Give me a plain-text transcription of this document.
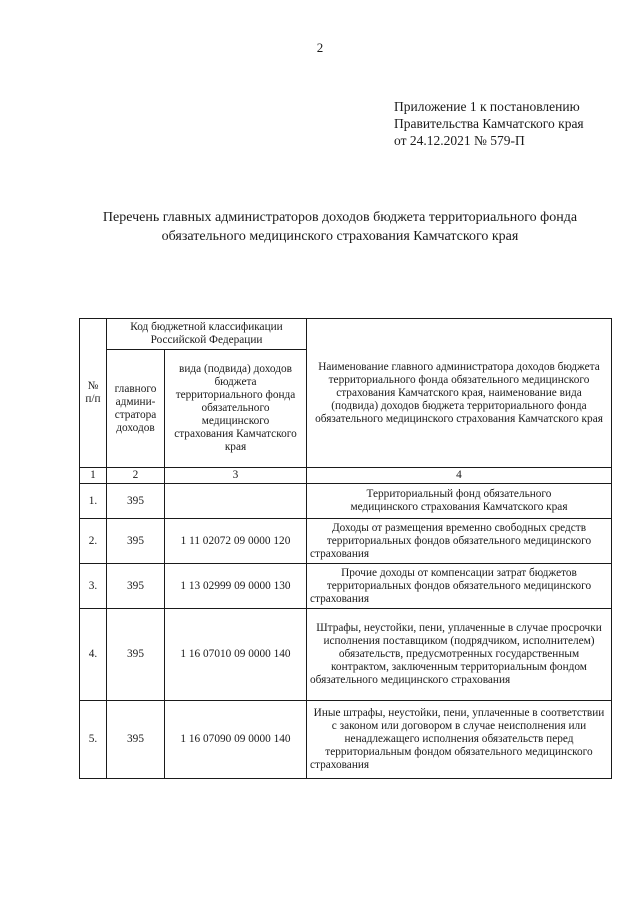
2
Приложение 1 к постановлению
Правительства Камчатского края
от 24.12.2021 № 579-П
Перечень главных администраторов доходов бюджета территориального фонда
обязательного медицинского страхования Камчатского края
№ п/п	Код бюджетной классификации Российской Федерации		Наименование главного администратора доходов бюджета территориального фонда обязательного медицинского страхования Камчатского края, наименование вида (подвида) доходов бюджета территориального фонда обязательного медицинского страхования Камчатского края
	главного админи-стратора доходов	вида (подвида) доходов бюджета территориального фонда обязательного медицинского страхования Камчатского края	
1	2	3	4
1.	395		Территориальный фонд обязательного медицинского страхования Камчатского края
2.	395	1 11 02072 09 0000 120	Доходы от размещения временно свободных средств территориальных фондов обязательного медицинского страхования
3.	395	1 13 02999 09 0000 130	Прочие доходы от компенсации затрат бюджетов территориальных фондов обязательного медицинского страхования
4.	395	1 16 07010 09 0000 140	Штрафы, неустойки, пени, уплаченные в случае просрочки исполнения поставщиком (подрядчиком, исполнителем) обязательств, предусмотренных государственным контрактом, заключенным территориальным фондом обязательного медицинского страхования
5.	395	1 16 07090 09 0000 140	Иные штрафы, неустойки, пени, уплаченные в соответствии с законом или договором в случае неисполнения или ненадлежащего исполнения обязательств перед территориальным фондом обязательного медицинского страхования
